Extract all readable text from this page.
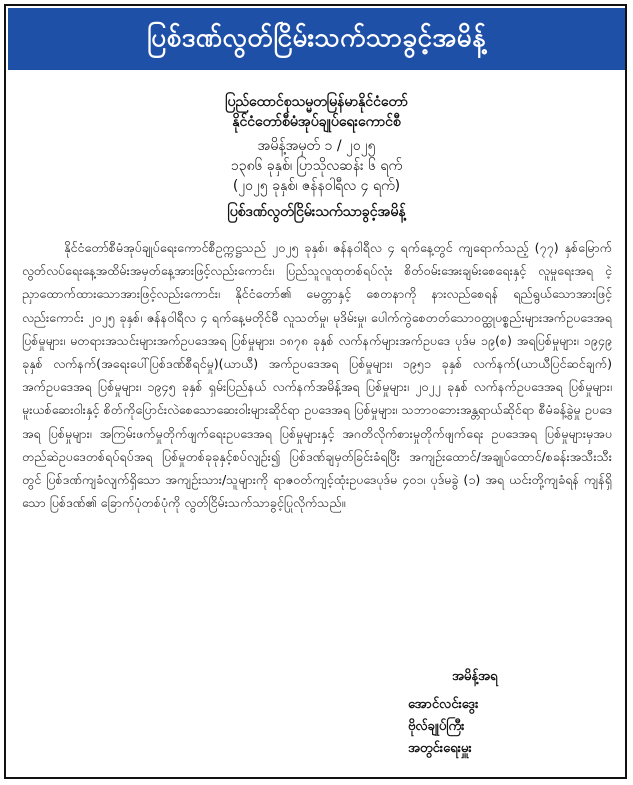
ပြစ်ဒဏ်လွတ်ငြိမ်းသက်သာခွင့်အမိန့်
ပြည်ထောင်စုသမ္မတမြန်မာနိုင်ငံတော်
နိုင်ငံတော်စီမံအုပ်ချုပ်ရေးကောင်စီ
အမိန့်အမှတ် ၁ / ၂၀၂၅
၁၃၈၆ ခုနှစ်၊ ပြာသိုလဆန်း ၆ ရက်
(၂၀၂၅ ခုနှစ်၊ ဇန်နဝါရီလ ၄ ရက်)
ပြစ်ဒဏ်လွတ်ငြိမ်းသက်သာခွင့်အမိန့်
နိုင်ငံတော်စီမံအုပ်ချုပ်ရေးကောင်စီဥက္ကဋ္ဌသည် ၂၀၂၅ ခုနှစ်၊ ဇန်နဝါရီလ ၄ ရက်နေ့တွင် ကျရောက်သည့် (၇၇) နှစ်မြောက် လွတ်လပ်ရေးနေ့အထိမ်းအမှတ်နေ့အားဖြင့်လည်းကောင်း၊ ပြည်သူလူထုတစ်ရပ်လုံး စိတ်ဝမ်းအေးချမ်းစေရေးနှင့် လူမှုရေးအရ ငဲ့ညှာထောက်ထားသောအားဖြင့်လည်းကောင်း၊ နိုင်ငံတော်၏ မေတ္တာနှင့် စေတနာကို နားလည်စေရန် ရည်ရွယ်သောအားဖြင့်လည်းကောင်း ၂၀၂၅ ခုနှစ်၊ ဇန်နဝါရီလ ၄ ရက်နေ့မတိုင်မီ လူသတ်မှု၊ မုဒိမ်းမှု၊ ပေါက်ကွဲစေတတ်သောဝတ္ထုပစ္စည်းများအက်ဥပဒေအရ ပြစ်မှုများ၊ မတရားအသင်းများအက်ဥပဒေအရ ပြစ်မှုများ၊ ၁၈၇၈ ခုနှစ် လက်နက်များအက်ဥပဒေ ပုဒ်မ ၁၉(စ) အရပြစ်မှုများ၊ ၁၉၄၉ ခုနှစ် လက်နက်(အရေးပေါ်ပြစ်ဒဏ်စီရင်မှု)(ယာယီ) အက်ဥပဒေအရ ပြစ်မှုများ၊ ၁၉၅၁ ခုနှစ် လက်နက်(ယာယီပြင်ဆင်ချက်) အက်ဥပဒေအရ ပြစ်မှုများ၊ ၁၉၄၅ ခုနှစ် ရှမ်းပြည်နယ် လက်နက်အမိန့်အရ ပြစ်မှုများ၊ ၂၀၂၂ ခုနှစ် လက်နက်ဥပဒေအရ ပြစ်မှုများ၊ မူးယစ်ဆေးဝါးနှင့် စိတ်ကိုပြောင်းလဲစေသောဆေးဝါးများဆိုင်ရာ ဥပဒေအရ ပြစ်မှုများ၊ သဘာဝဘေးအန္တရာယ်ဆိုင်ရာ စီမံခန့်ခွဲမှု ဥပဒေအရ ပြစ်မှုများ၊ အကြမ်းဖက်မှုတိုက်ဖျက်ရေးဥပဒေအရ ပြစ်မှုများနှင့် အဂတိလိုက်စားမှုတိုက်ဖျက်ရေး ဥပဒေအရ ပြစ်မှုများမှအပ တည်ဆဲဥပဒေတစ်ရပ်ရပ်အရ ပြစ်မှုတစ်ခုခုနှင့်စပ်လျဉ်း၍ ပြစ်ဒဏ်ချမှတ်ခြင်းခံရပြီး အကျဉ်းထောင်/အချုပ်ထောင်/စခန်းအသီးသီးတွင် ပြစ်ဒဏ်ကျခံလျက်ရှိသော အကျဉ်းသား/သူများကို ရာဇဝတ်ကျင့်ထုံးဥပဒေပုဒ်မ ၄၀၁၊ ပုဒ်မခွဲ (၁) အရ ယင်းတို့ကျခံရန် ကျန်ရှိသော ပြစ်ဒဏ်၏ ခြောက်ပုံတစ်ပုံကို လွတ်ငြိမ်းသက်သာခွင့်ပြုလိုက်သည်။
အမိန့်အရ
အောင်လင်းဒွေး
ဗိုလ်ချုပ်ကြီး
အတွင်းရေးမှူး
